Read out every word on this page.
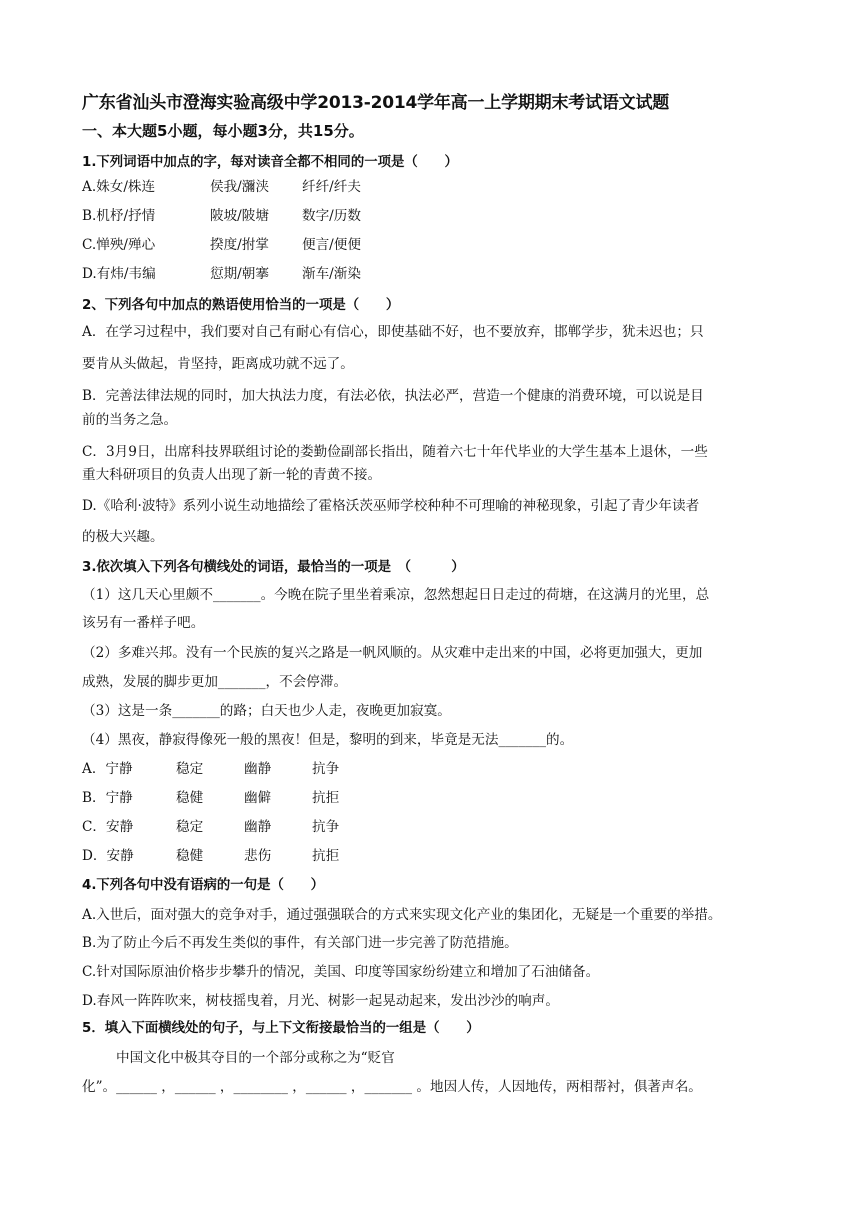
广东省汕头市澄海实验高级中学2013-2014学年高一上学期期末考试语文试题
一、本大题5小题，每小题3分，共15分。
1.下列词语中加点的字，每对读音全都不相同的一项是（　　）
A.姝女/株连	侯我/瀰浃 纤纤/纤夫
B.机杼/抒情	陂坡/陂塘 数字/历数
C.惮殃/殚心	揆度/拊掌 便言/便便
D.有炜/韦编	愆期/朝搴 渐车/渐染
2、下列各句中加点的熟语使用恰当的一项是（　　）
A．在学习过程中，我们要对自己有耐心有信心，即使基础不好，也不要放弃，邯郸学步，犹未迟也；只
要肯从头做起，肯坚持，距离成功就不远了。
B．完善法律法规的同时，加大执法力度，有法必依，执法必严，营造一个健康的消费环境，可以说是目
前的当务之急。
C．3月9日，出席科技界联组讨论的娄勤俭副部长指出，随着六七十年代毕业的大学生基本上退休，一些
重大科研项目的负责人出现了新一轮的青黄不接。
D.《哈利·波特》系列小说生动地描绘了霍格沃茨巫师学校种种不可理喻的神秘现象，引起了青少年读者
的极大兴趣。
3.依次填入下列各句横线处的词语，最恰当的一项是　（　　　）
（1）这几天心里颇不_______。今晚在院子里坐着乘凉，忽然想起日日走过的荷塘，在这满月的光里，总
该另有一番样子吧。
（2）多难兴邦。没有一个民族的复兴之路是一帆风顺的。从灾难中走出来的中国，必将更加强大，更加
成熟，发展的脚步更加_______，不会停滞。
（3）这是一条_______的路；白天也少人走，夜晚更加寂寞。
（4）黑夜，静寂得像死一般的黑夜！但是，黎明的到来，毕竟是无法_______的。
A．宁静	稳定	幽静	抗争
B．宁静	稳健	幽僻	抗拒
C．安静	稳定	幽静	抗争
D．安静	稳健	悲伤	抗拒
4.下列各句中没有语病的一句是（　　）
A.入世后，面对强大的竞争对手，通过强强联合的方式来实现文化产业的集团化，无疑是一个重要的举措。
B.为了防止今后不再发生类似的事件，有关部门进一步完善了防范措施。
C.针对国际原油价格步步攀升的情况，美国、印度等国家纷纷建立和增加了石油储备。
D.春风一阵阵吹来，树枝摇曳着，月光、树影一起晃动起来，发出沙沙的响声。
5．填入下面横线处的句子，与上下文衔接最恰当的一组是（　　）
中国文化中极其夺目的一个部分或称之为“贬官
化”。______ ，______ ，________ ，______ ，_______ 。地因人传，人因地传，两相帮衬，俱著声名。
